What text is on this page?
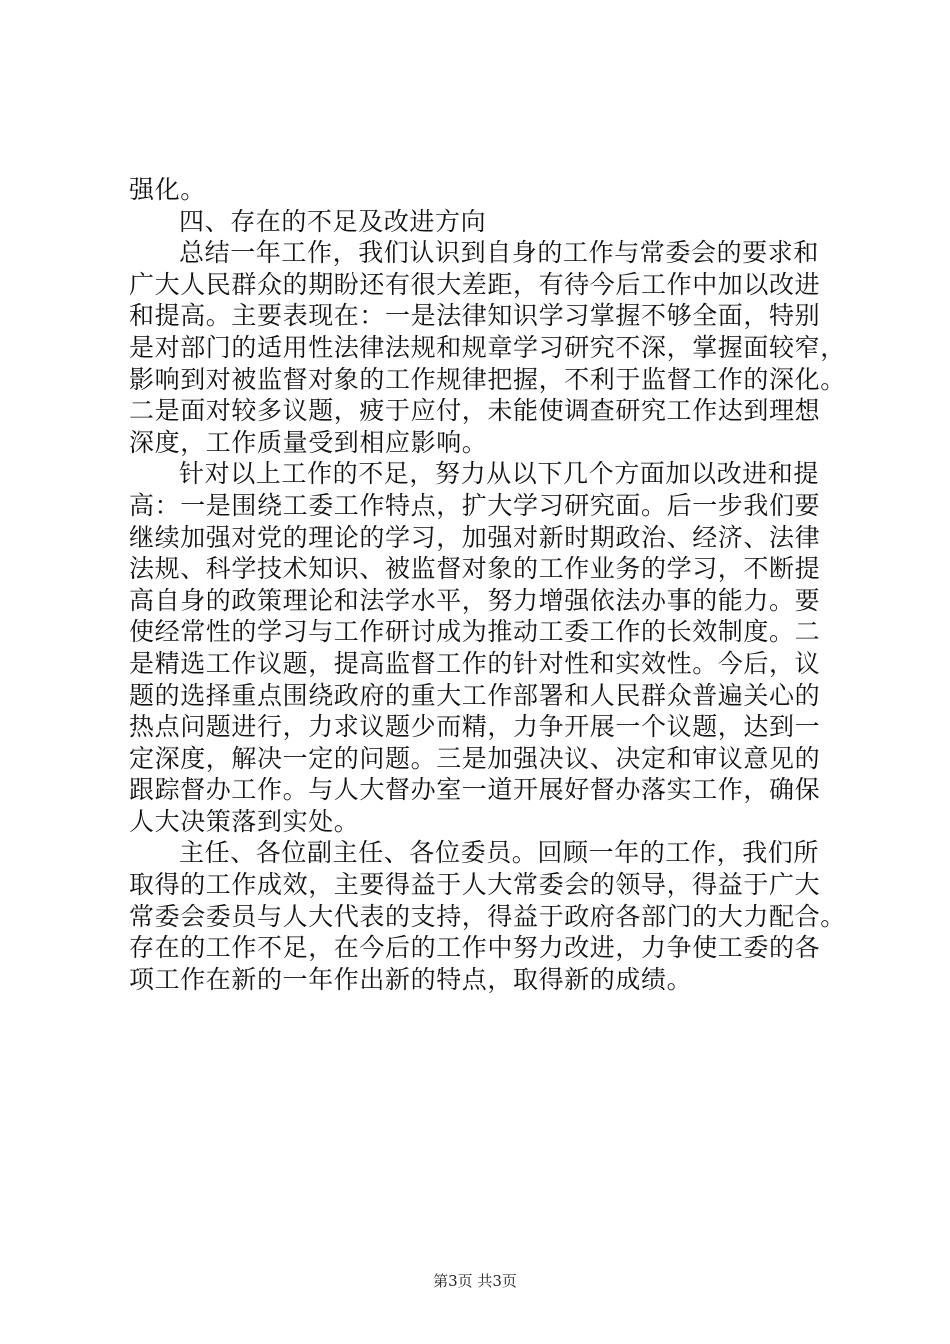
强化。
四、存在的不足及改进方向
总结一年工作，我们认识到自身的工作与常委会的要求和
广大人民群众的期盼还有很大差距，有待今后工作中加以改进
和提高。主要表现在：一是法律知识学习掌握不够全面，特别
是对部门的适用性法律法规和规章学习研究不深，掌握面较窄，
影响到对被监督对象的工作规律把握，不利于监督工作的深化。
二是面对较多议题，疲于应付，未能使调查研究工作达到理想
深度，工作质量受到相应影响。
针对以上工作的不足，努力从以下几个方面加以改进和提
高：一是围绕工委工作特点，扩大学习研究面。后一步我们要
继续加强对党的理论的学习，加强对新时期政治、经济、法律
法规、科学技术知识、被监督对象的工作业务的学习，不断提
高自身的政策理论和法学水平，努力增强依法办事的能力。要
使经常性的学习与工作研讨成为推动工委工作的长效制度。二
是精选工作议题，提高监督工作的针对性和实效性。今后，议
题的选择重点围绕政府的重大工作部署和人民群众普遍关心的
热点问题进行，力求议题少而精，力争开展一个议题，达到一
定深度，解决一定的问题。三是加强决议、决定和审议意见的
跟踪督办工作。与人大督办室一道开展好督办落实工作，确保
人大决策落到实处。
主任、各位副主任、各位委员。回顾一年的工作，我们所
取得的工作成效，主要得益于人大常委会的领导，得益于广大
常委会委员与人大代表的支持，得益于政府各部门的大力配合。
存在的工作不足，在今后的工作中努力改进，力争使工委的各
项工作在新的一年作出新的特点，取得新的成绩。
第3页 共3页
